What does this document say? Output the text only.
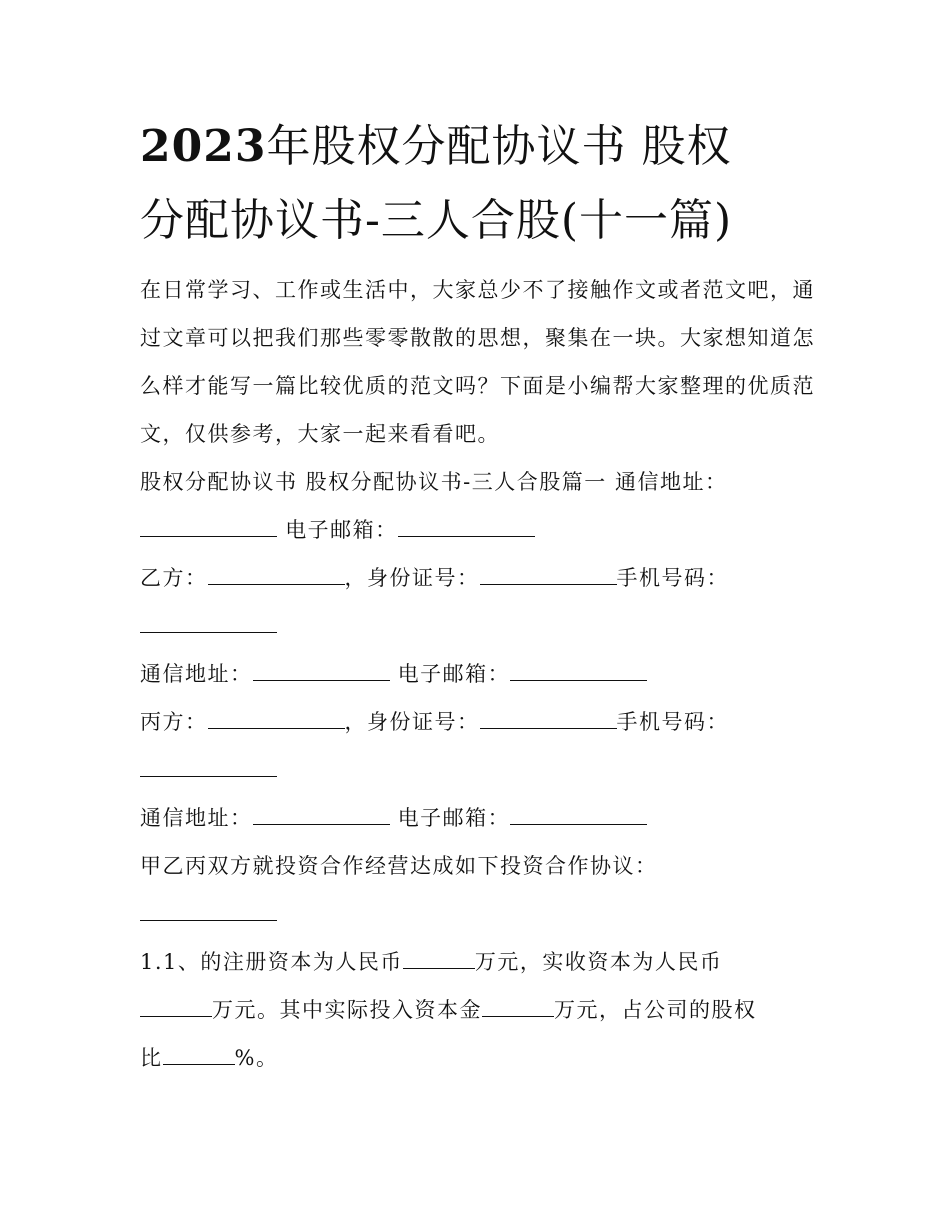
2023年股权分配协议书 股权
分配协议书-三人合股(十一篇)

在日常学习、工作或生活中，大家总少不了接触作文或者范文吧，通过文章可以把我们那些零零散散的思想，聚集在一块。大家想知道怎么样才能写一篇比较优质的范文吗？下面是小编帮大家整理的优质范文，仅供参考，大家一起来看看吧。

股权分配协议书 股权分配协议书-三人合股篇一 通信地址：

电子邮箱：

乙方：	，身份证号：	手机号码：

通信地址：	电子邮箱：

丙方：	，身份证号：	手机号码：

通信地址：	电子邮箱：

甲乙丙双方就投资合作经营达成如下投资合作协议：

1.1、的注册资本为人民币	万元，实收资本为人民币

万元。其中实际投入资本金	万元，占公司的股权

比	%。
